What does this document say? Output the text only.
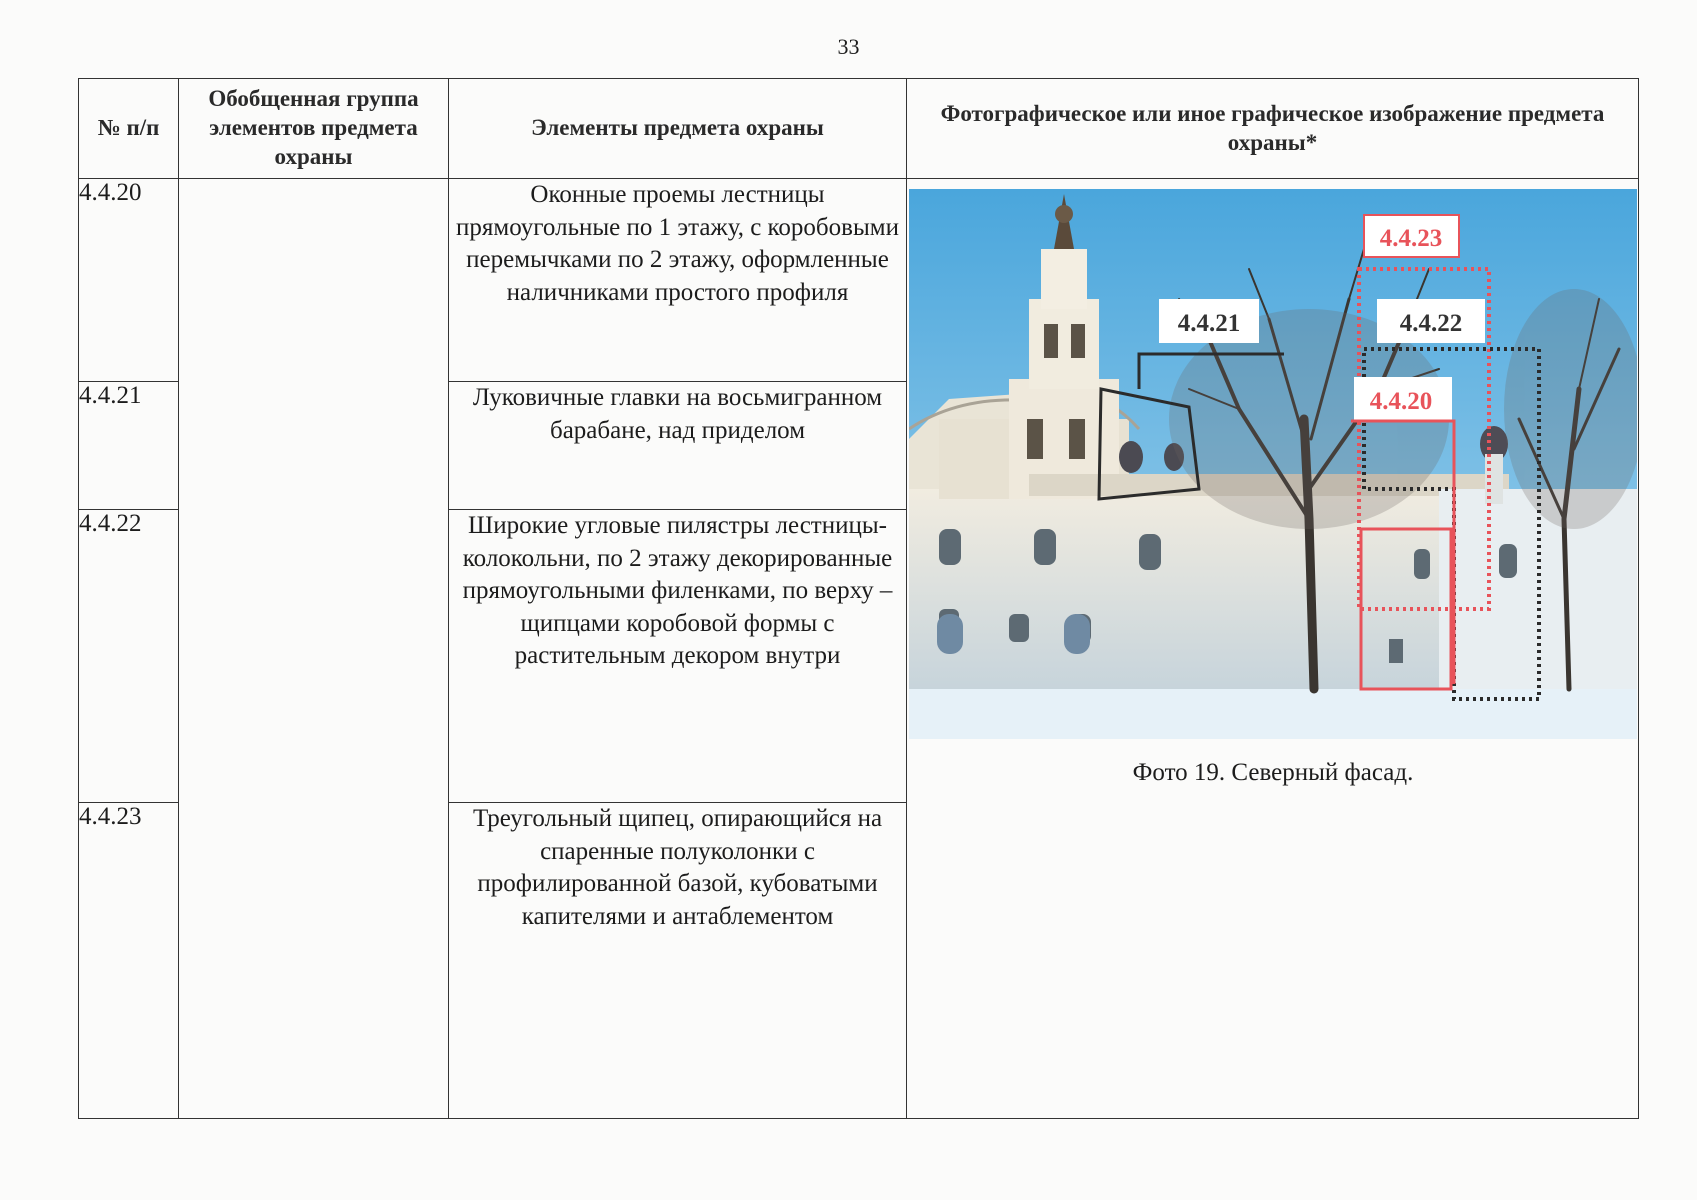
33
№ п/п	Обобщенная группа элементов предмета охраны	Элементы предмета охраны	Фотографическое или иное графическое изображение предмета охраны*
4.4.20		Оконные проемы лестницы прямоугольные по 1 этажу, с коробовыми перемычками по 2 этажу, оформленные наличниками простого профиля	4.4.23
4.4.22
4.4.21
4.4.20
Фото 19. Северный фасад.

4.4.21		Луковичные главки на восьмигранном барабане, над приделом	
4.4.22		Широкие угловые пилястры лестницы-колокольни, по 2 этажу декорированные прямоугольными филенками, по верху – щипцами коробовой формы с растительным декором внутри	
4.4.23		Треугольный щипец, опирающийся на спаренные полуколонки с профилированной базой, кубоватыми капителями и антаблементом	
